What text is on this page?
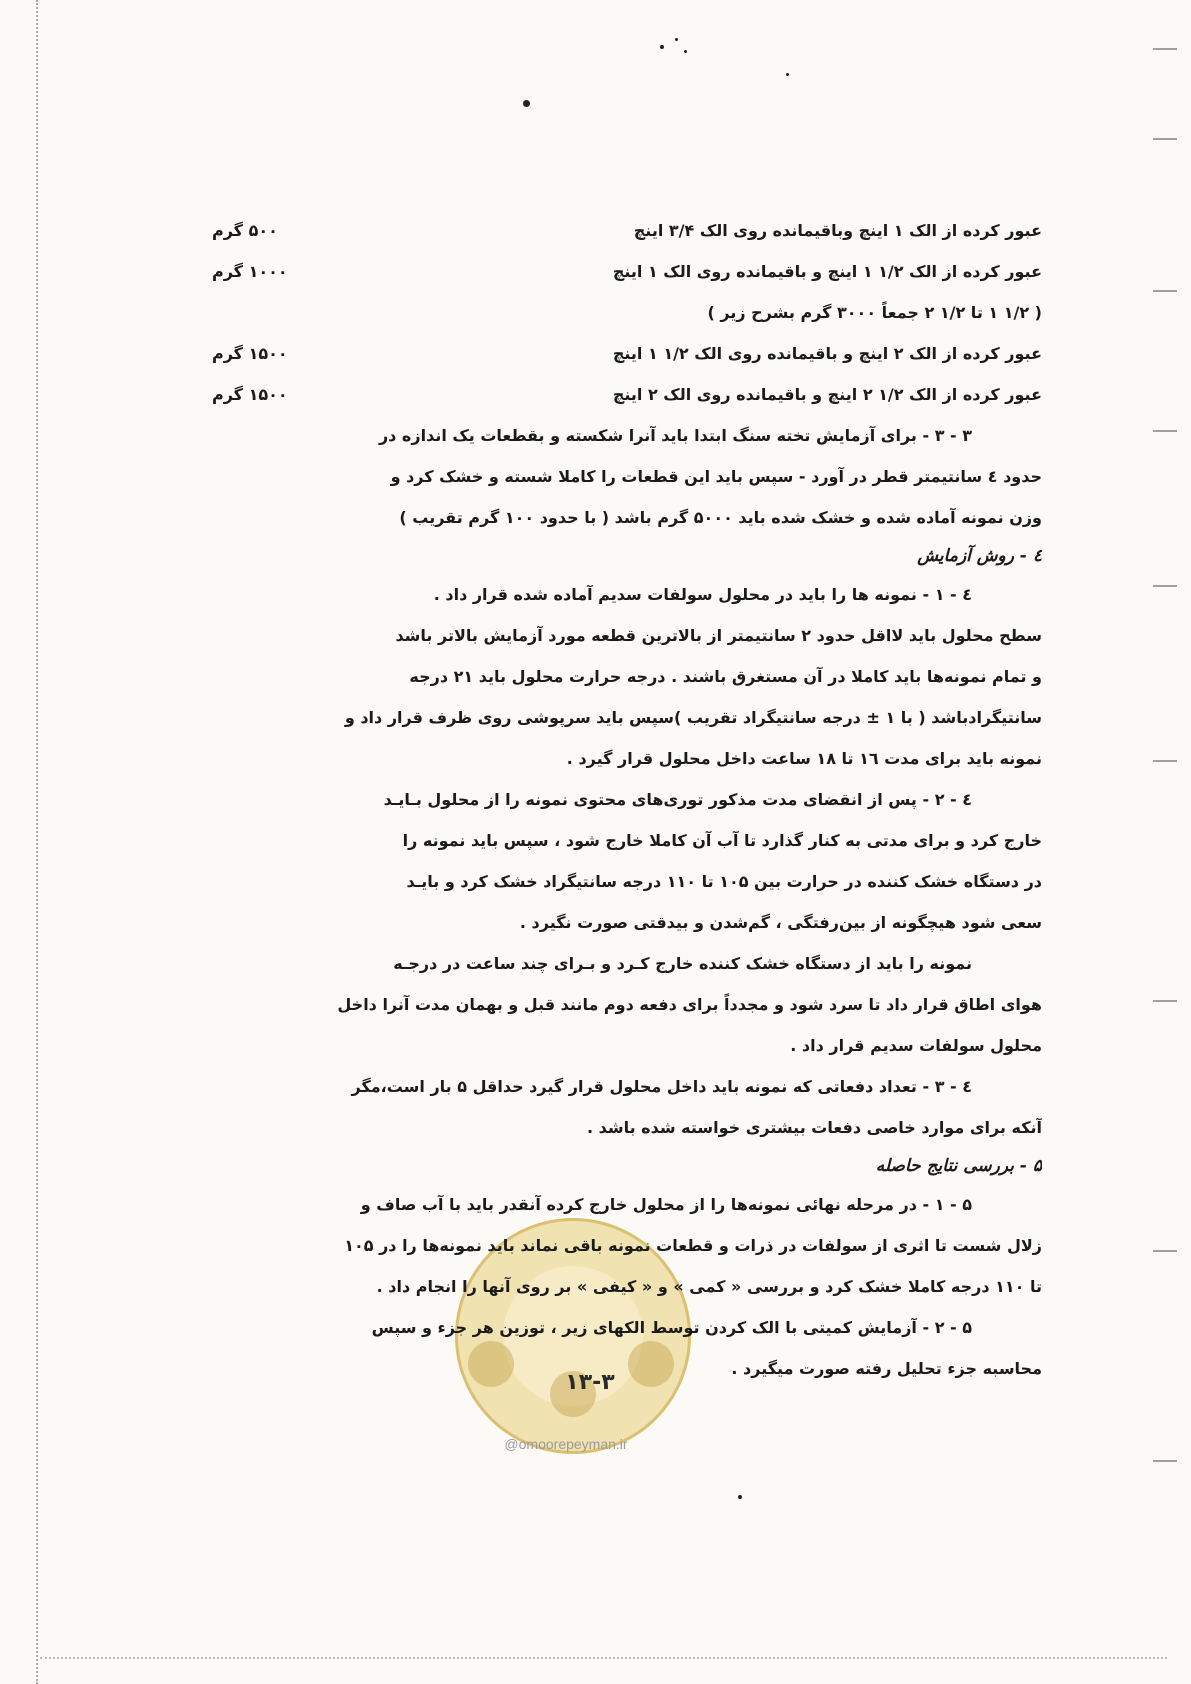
عبور کرده از الک ۱ اینچ وباقیمانده روی الک ۳/۴ اینچ
۵۰۰ گرم
عبور کرده از الک ۱/۲ ۱ اینچ و باقیمانده روی الک ۱ اینچ
۱۰۰۰ گرم
( ۱/۲ ۱ تا ۱/۲ ۲ جمعاً ۳۰۰۰ گرم بشرح زیر )
عبور کرده از الک ۲ اینچ و باقیمانده روی الک ۱/۲ ۱ اینچ
۱۵۰۰ گرم
عبور کرده از الک ۱/۲ ۲ اینچ و باقیمانده روی الک ۲ اینچ
۱۵۰۰ گرم
۳ - ۳ - برای آزمایش تخته سنگ ابتدا باید آنرا شکسته و بقطعات یک اندازه در
حدود ٤ سانتیمتر قطر در آورد - سپس باید این قطعات را کاملا شسته و خشک کرد و
وزن نمونه آماده شده و خشک شده باید ۵۰۰۰ گرم باشد ( با حدود ۱۰۰ گرم تقریب )
٤ - روش آزمایش
٤ - ۱ - نمونه ها را باید در محلول سولفات سدیم آماده شده قرار داد .
سطح محلول باید لااقل حدود ۲ سانتیمتر از بالاترین قطعه مورد آزمایش بالاتر باشد
و تمام نمونه‌ها باید کاملا در آن مستغرق باشند . درجه حرارت محلول باید ۲۱ درجه
سانتیگرادباشد ( با ۱ ± درجه سانتیگراد تقریب )سپس باید سرپوشی روی ظرف قرار داد و
نمونه باید برای مدت ۱٦ تا ۱۸ ساعت داخل محلول قرار گیرد .
٤ - ۲ - پس از انقضای مدت مذکور توری‌های محتوی نمونه را از محلول بـایـد
خارج کرد و برای مدتی به کنار گذارد تا آب آن کاملا خارج شود ، سپس باید نمونه را
در دستگاه خشک کننده در حرارت بین ۱۰۵ تا ۱۱۰ درجه سانتیگراد خشک کرد و بایـد
سعی شود هیچگونه از بین‌رفتگی ، گم‌شدن و بیدقتی صورت نگیرد .
نمونه را باید از دستگاه خشک کننده خارج کـرد و بـرای چند ساعت در درجـه
هوای اطاق قرار داد تا سرد شود و مجدداً برای دفعه دوم مانند قبل و بهمان مدت آنرا داخل
محلول سولفات سدیم قرار داد .
٤ - ۳ - تعداد دفعاتی که نمونه باید داخل محلول قرار گیرد حداقل ۵ بار است،مگر
آنکه برای موارد خاصی دفعات بیشتری خواسته شده باشد .
۵ - بررسی نتایج حاصله
۵ - ۱ - در مرحله نهائی نمونه‌ها را از محلول خارج کرده آنقدر باید با آب صاف و
زلال شست تا اثری از سولفات در ذرات و قطعات نمونه باقی نماند باید نمونه‌ها را در ۱۰۵
تا ۱۱۰ درجه کاملا خشک کرد و بررسی « کمی » و « کیفی » بر روی آنها را انجام داد .
۵ - ۲ - آزمایش کمیتی با الک کردن توسط الکهای زیر ، توزین هر جزء و سپس
محاسبه جزء تحلیل رفته صورت میگیرد .
۱۳-۳
@omoorepeyman.ir
